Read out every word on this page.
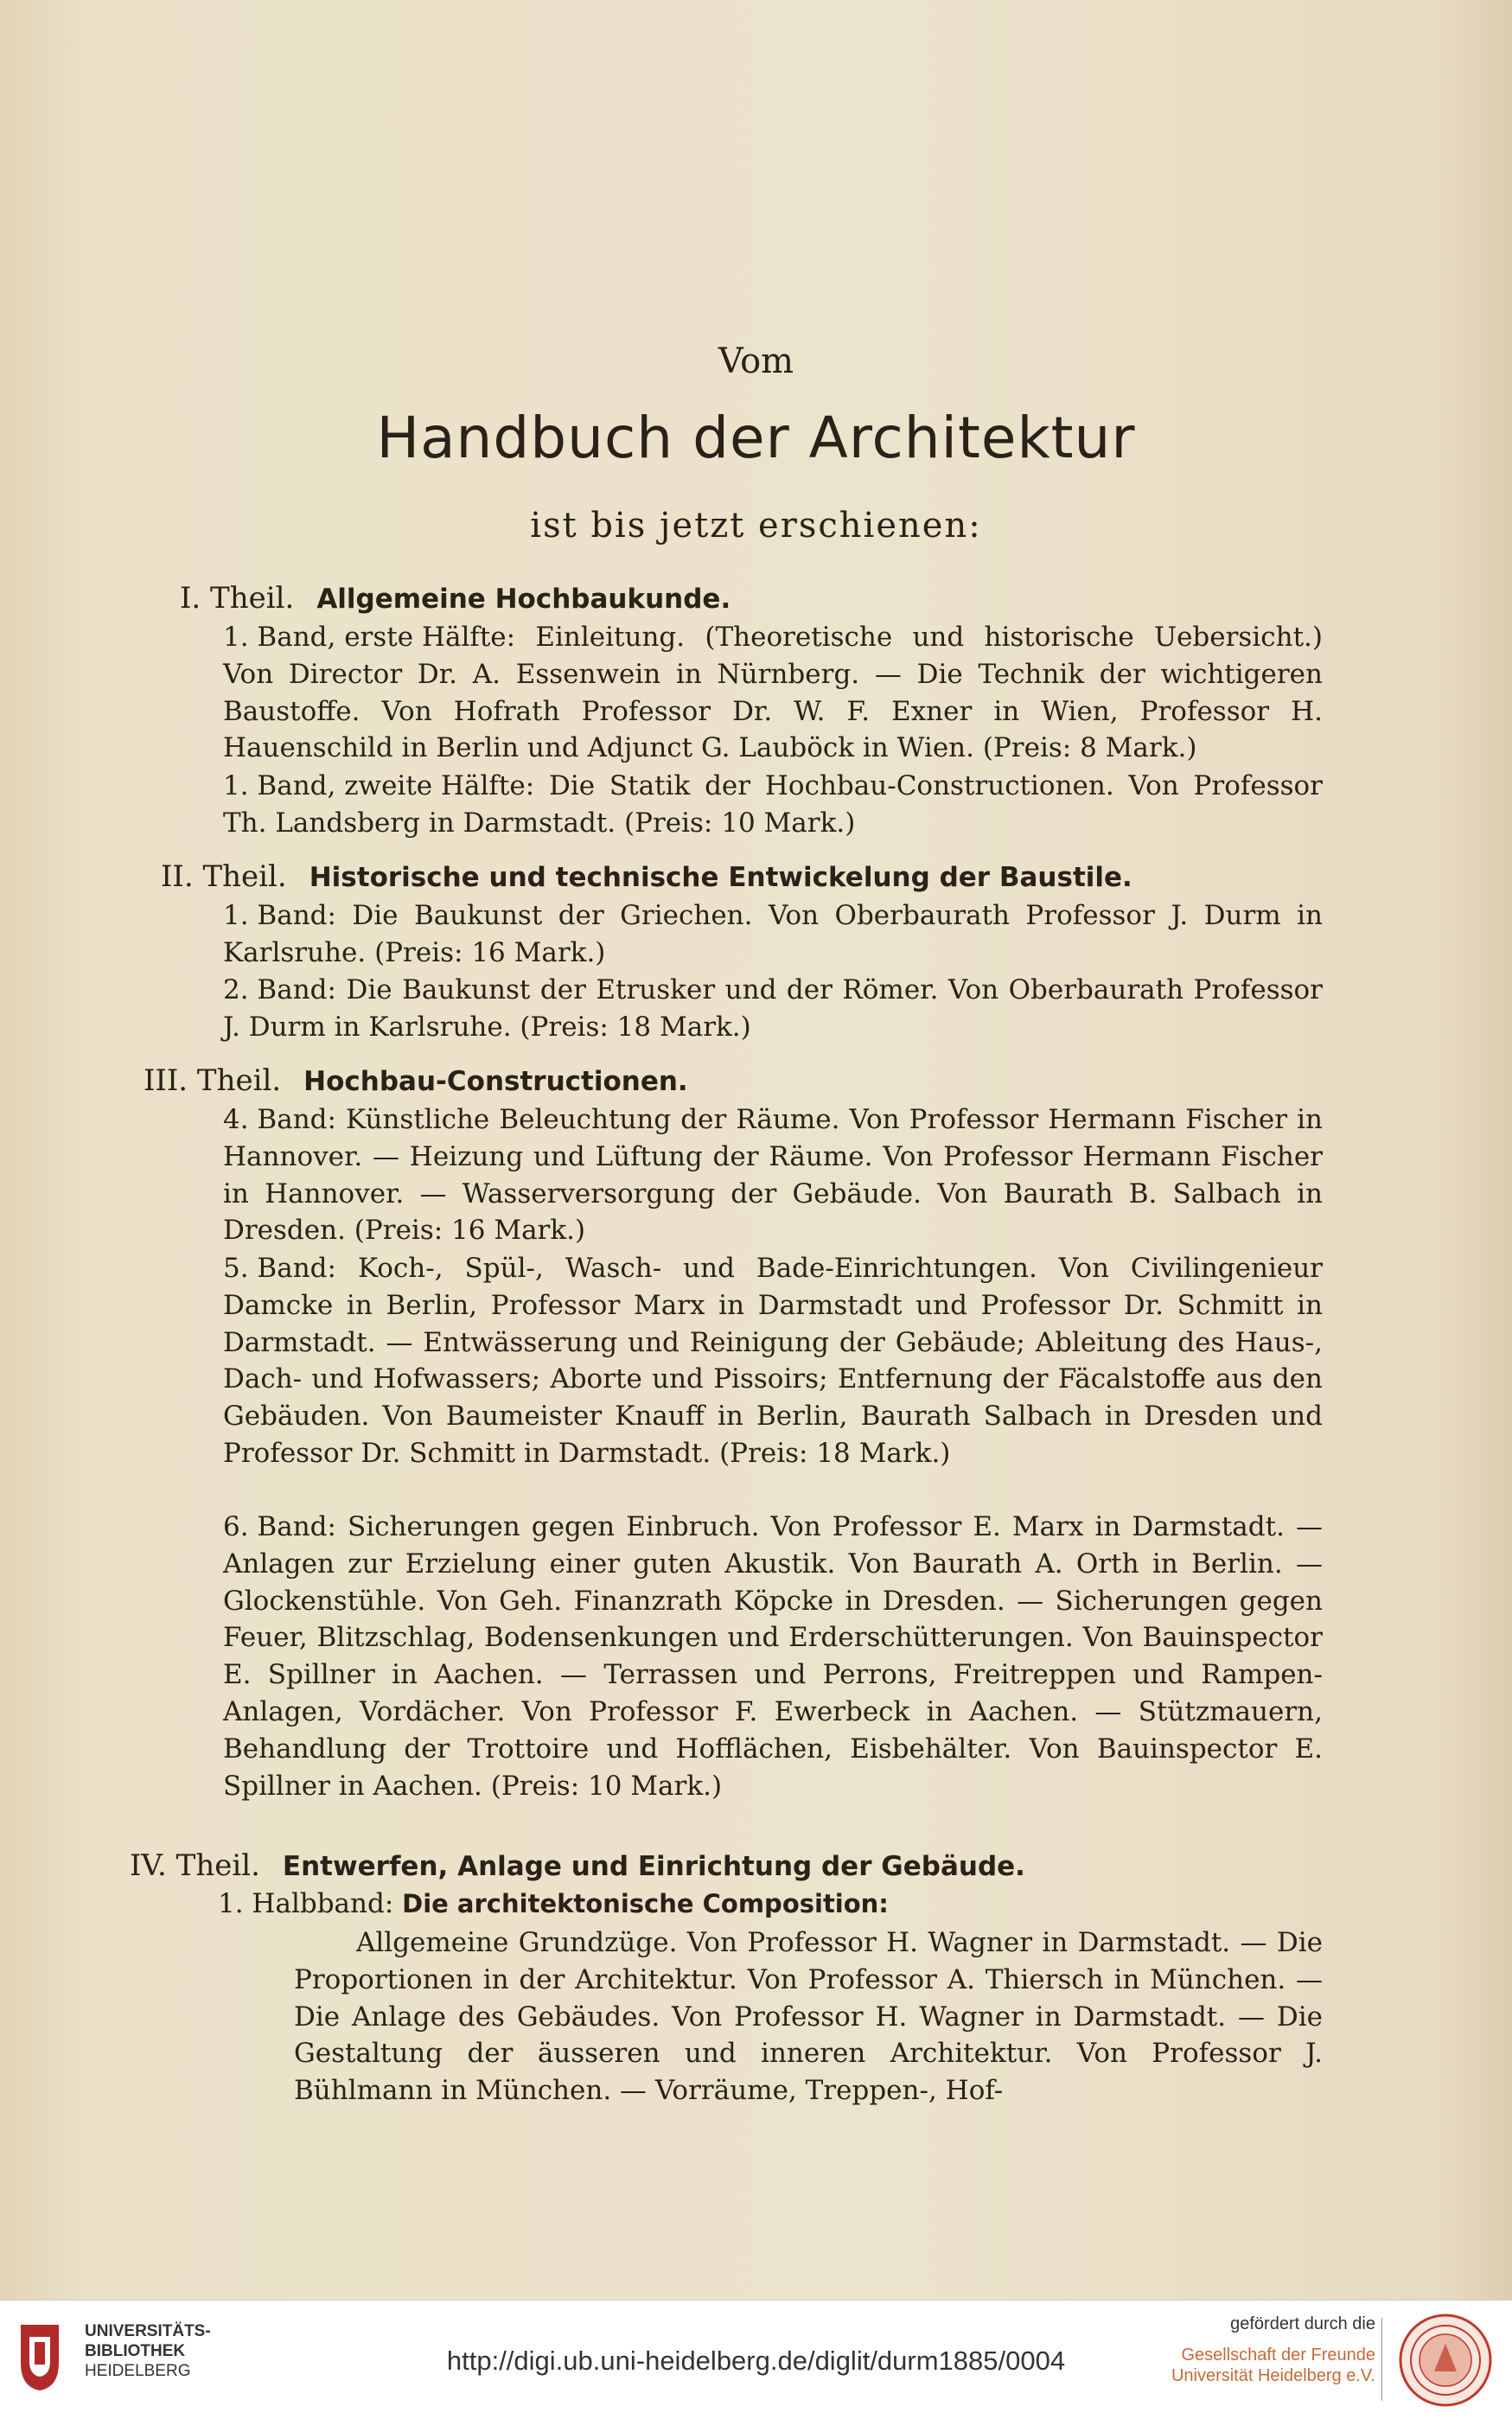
Vom
Handbuch der Architektur
ist bis jetzt erschienen:
I. Theil. Allgemeine Hochbaukunde.
1. Band, erste Hälfte: Einleitung. (Theoretische und historische Uebersicht.) Von Director Dr. A. Essenwein in Nürnberg. — Die Technik der wichtigeren Baustoffe. Von Hofrath Professor Dr. W. F. Exner in Wien, Professor H. Hauenschild in Berlin und Adjunct G. Lauböck in Wien. (Preis: 8 Mark.)
1. Band, zweite Hälfte: Die Statik der Hochbau-Constructionen. Von Professor Th. Landsberg in Darmstadt. (Preis: 10 Mark.)
II. Theil. Historische und technische Entwickelung der Baustile.
1. Band: Die Baukunst der Griechen. Von Oberbaurath Professor J. Durm in Karlsruhe. (Preis: 16 Mark.)
2. Band: Die Baukunst der Etrusker und der Römer. Von Oberbaurath Professor J. Durm in Karlsruhe. (Preis: 18 Mark.)
III. Theil. Hochbau-Constructionen.
4. Band: Künstliche Beleuchtung der Räume. Von Professor Hermann Fischer in Hannover. — Heizung und Lüftung der Räume. Von Professor Hermann Fischer in Hannover. — Wasserversorgung der Gebäude. Von Baurath B. Salbach in Dresden. (Preis: 16 Mark.)
5. Band: Koch-, Spül-, Wasch- und Bade-Einrichtungen. Von Civilingenieur Damcke in Berlin, Professor Marx in Darmstadt und Professor Dr. Schmitt in Darmstadt. — Entwässerung und Reinigung der Gebäude; Ableitung des Haus-, Dach- und Hofwassers; Aborte und Pissoirs; Entfernung der Fäcalstoffe aus den Gebäuden. Von Baumeister Knauff in Berlin, Baurath Salbach in Dresden und Professor Dr. Schmitt in Darmstadt. (Preis: 18 Mark.)
6. Band: Sicherungen gegen Einbruch. Von Professor E. Marx in Darmstadt. — Anlagen zur Erzielung einer guten Akustik. Von Baurath A. Orth in Berlin. — Glockenstühle. Von Geh. Finanzrath Köpcke in Dresden. — Sicherungen gegen Feuer, Blitzschlag, Bodensenkungen und Erderschütterungen. Von Bauinspector E. Spillner in Aachen. — Terrassen und Perrons, Freitreppen und Rampen-Anlagen, Vordächer. Von Professor F. Ewerbeck in Aachen. — Stützmauern, Behandlung der Trottoire und Hofflächen, Eisbehälter. Von Bauinspector E. Spillner in Aachen. (Preis: 10 Mark.)
IV. Theil. Entwerfen, Anlage und Einrichtung der Gebäude.
1. Halbband: Die architektonische Composition:
Allgemeine Grundzüge. Von Professor H. Wagner in Darmstadt. — Die Proportionen in der Architektur. Von Professor A. Thiersch in München. — Die Anlage des Gebäudes. Von Professor H. Wagner in Darmstadt. — Die Gestaltung der äusseren und inneren Architektur. Von Professor J. Bühlmann in München. — Vorräume, Treppen-, Hof-
UNIVERSITÄTS-
BIBLIOTHEK
HEIDELBERG	http://digi.ub.uni-heidelberg.de/diglit/durm1885/0004
gefördert durch die
Gesellschaft der Freunde
Universität Heidelberg e.V.
